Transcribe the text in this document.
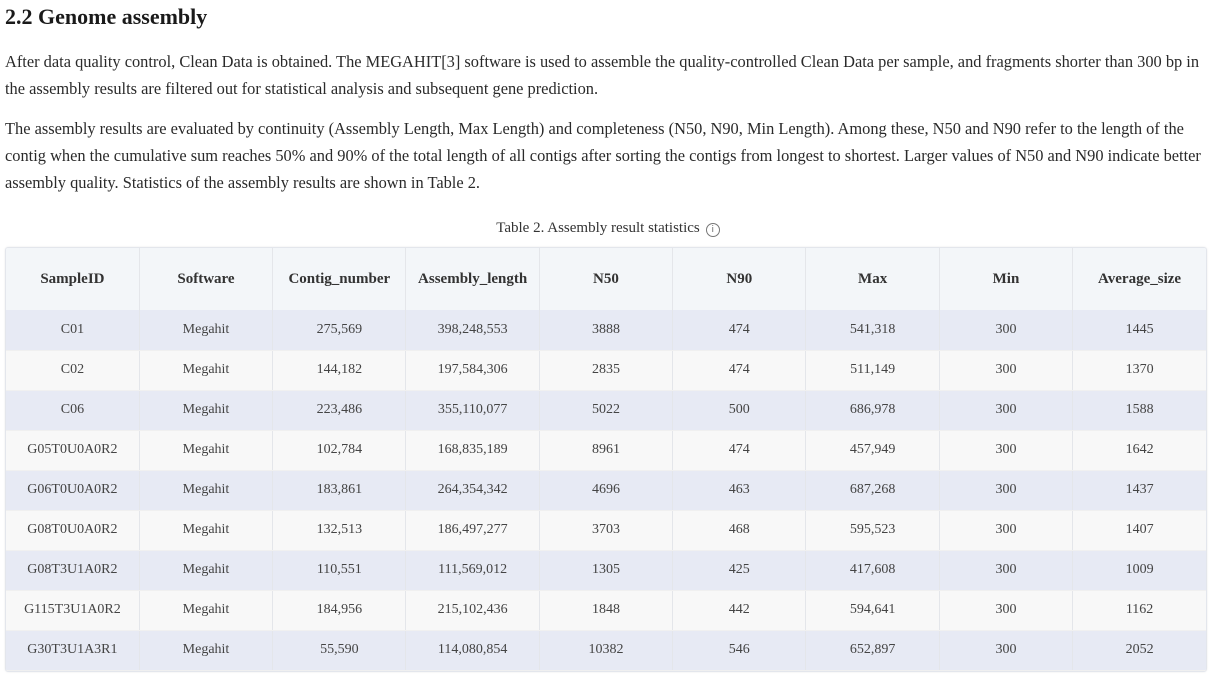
2.2 Genome assembly

After data quality control, Clean Data is obtained. The MEGAHIT[3] software is used to assemble the quality-controlled Clean Data per sample, and fragments shorter than 300 bp in the assembly results are filtered out for statistical analysis and subsequent gene prediction.

The assembly results are evaluated by continuity (Assembly Length, Max Length) and completeness (N50, N90, Min Length). Among these, N50 and N90 refer to the length of the contig when the cumulative sum reaches 50% and 90% of the total length of all contigs after sorting the contigs from longest to shortest. Larger values of N50 and N90 indicate better assembly quality. Statistics of the assembly results are shown in Table 2.

Table 2. Assembly result statistics i
SampleID	Software	Contig_number	Assembly_length	N50	N90	Max	Min	Average_size
C01	Megahit	275,569	398,248,553	3888	474	541,318	300	1445
C02	Megahit	144,182	197,584,306	2835	474	511,149	300	1370
C06	Megahit	223,486	355,110,077	5022	500	686,978	300	1588
G05T0U0A0R2	Megahit	102,784	168,835,189	8961	474	457,949	300	1642
G06T0U0A0R2	Megahit	183,861	264,354,342	4696	463	687,268	300	1437
G08T0U0A0R2	Megahit	132,513	186,497,277	3703	468	595,523	300	1407
G08T3U1A0R2	Megahit	110,551	111,569,012	1305	425	417,608	300	1009
G115T3U1A0R2	Megahit	184,956	215,102,436	1848	442	594,641	300	1162
G30T3U1A3R1	Megahit	55,590	114,080,854	10382	546	652,897	300	2052
